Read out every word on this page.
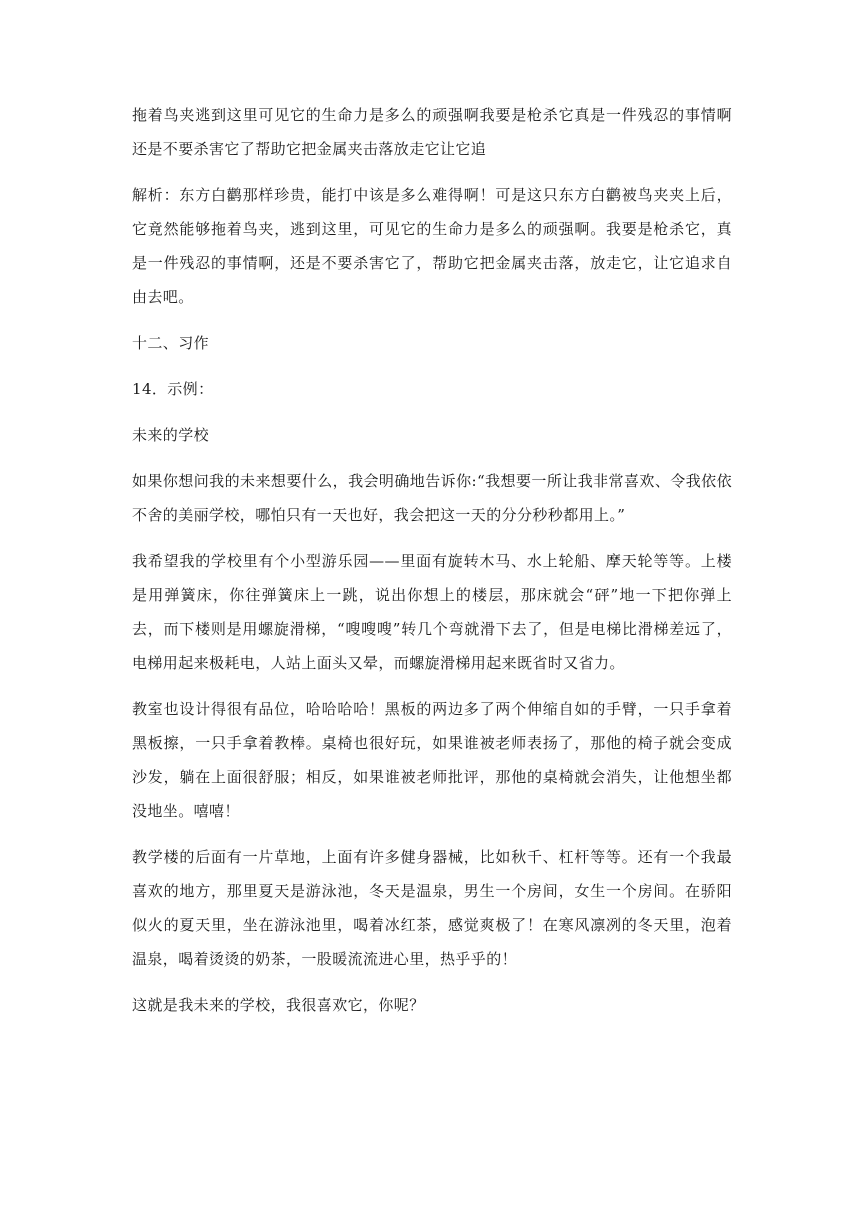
拖着鸟夹逃到这里可见它的生命力是多么的顽强啊我要是枪杀它真是一件残忍的事情啊还是不要杀害它了帮助它把金属夹击落放走它让它追

解析：东方白鹳那样珍贵，能打中该是多么难得啊！可是这只东方白鹳被鸟夹夹上后，它竟然能够拖着鸟夹，逃到这里，可见它的生命力是多么的顽强啊。我要是枪杀它，真是一件残忍的事情啊，还是不要杀害它了，帮助它把金属夹击落，放走它，让它追求自由去吧。

十二、习作

14．示例：

未来的学校

如果你想问我的未来想要什么，我会明确地告诉你:“我想要一所让我非常喜欢、令我依依不舍的美丽学校，哪怕只有一天也好，我会把这一天的分分秒秒都用上。”

我希望我的学校里有个小型游乐园——里面有旋转木马、水上轮船、摩天轮等等。上楼是用弹簧床，你往弹簧床上一跳，说出你想上的楼层，那床就会“砰”地一下把你弹上去，而下楼则是用螺旋滑梯，“嗖嗖嗖”转几个弯就滑下去了，但是电梯比滑梯差远了，电梯用起来极耗电，人站上面头又晕，而螺旋滑梯用起来既省时又省力。

教室也设计得很有品位，哈哈哈哈！黑板的两边多了两个伸缩自如的手臂，一只手拿着黑板擦，一只手拿着教棒。桌椅也很好玩，如果谁被老师表扬了，那他的椅子就会变成沙发，躺在上面很舒服；相反，如果谁被老师批评，那他的桌椅就会消失，让他想坐都没地坐。嘻嘻！

教学楼的后面有一片草地，上面有许多健身器械，比如秋千、杠杆等等。还有一个我最喜欢的地方，那里夏天是游泳池，冬天是温泉，男生一个房间，女生一个房间。在骄阳似火的夏天里，坐在游泳池里，喝着冰红茶，感觉爽极了！在寒风凛冽的冬天里，泡着温泉，喝着烫烫的奶茶，一股暖流流进心里，热乎乎的！

这就是我未来的学校，我很喜欢它，你呢？
